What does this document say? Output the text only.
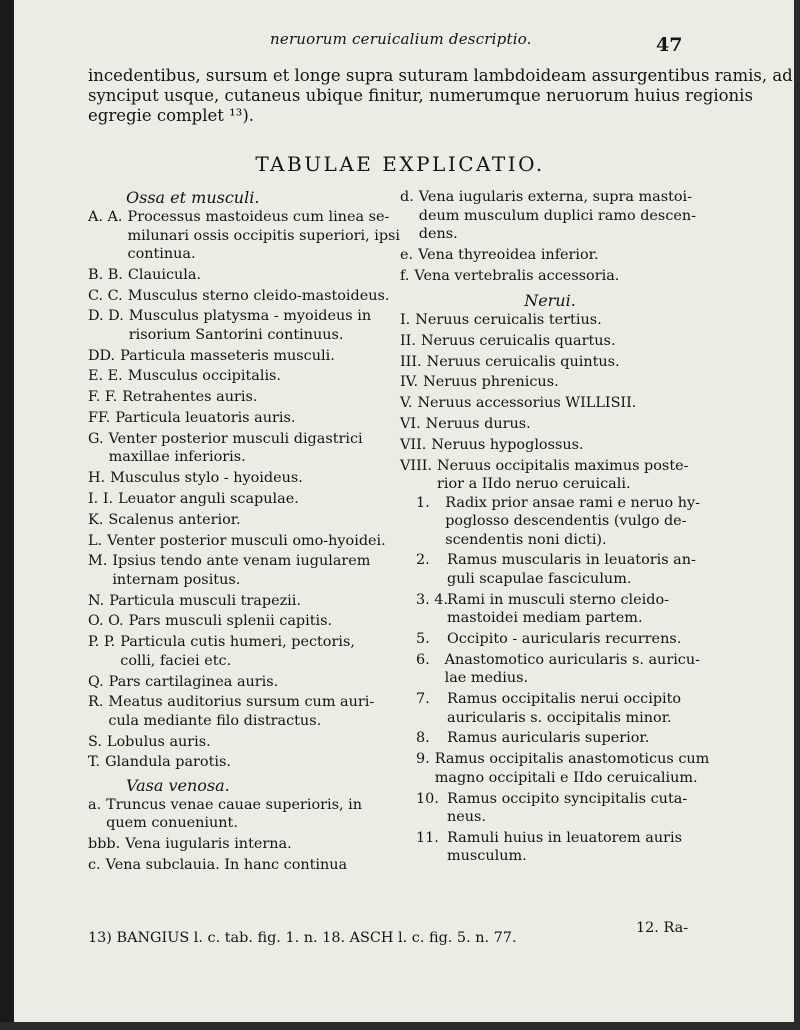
neruorum ceruicalium descriptio.	47
incedentibus, sursum et longe supra suturam lambdoideam assurgentibus ramis, ad
synciput usque, cutaneus ubique finitur, numerumque neruorum huius regionis
egregie complet ¹³).
TABULAE EXPLICATIO.
Ossa et musculi.
A. A. Processus mastoideus cum linea se-
milunari ossis occipitis superiori, ipsi
continua.
B. B. Clauicula.
C. C. Musculus sterno cleido-mastoideus.
D. D. Musculus platysma - myoideus in
risorium Santorini continuus.
DD. Particula masseteris musculi.
E. E. Musculus occipitalis.
F. F. Retrahentes auris.
FF. Particula leuatoris auris.
G. Venter posterior musculi digastrici
maxillae inferioris.
H. Musculus stylo - hyoideus.
I. I. Leuator anguli scapulae.
K. Scalenus anterior.
L. Venter posterior musculi omo-hyoidei.
M. Ipsius tendo ante venam iugularem
internam positus.
N. Particula musculi trapezii.
O. O. Pars musculi splenii capitis.
P. P. Particula cutis humeri, pectoris,
colli, faciei etc.
Q. Pars cartilaginea auris.
R. Meatus auditorius sursum cum auri-
cula mediante filo distractus.
S. Lobulus auris.
T. Glandula parotis.
Vasa venosa.
a. Truncus venae cauae superioris, in
quem conueniunt.
bbb. Vena iugularis interna.
c. Vena subclauia. In hanc continua
d. Vena iugularis externa, supra mastoi-
deum musculum duplici ramo descen-
dens.
e. Vena thyreoidea inferior.
f. Vena vertebralis accessoria.
Nerui.
I. Neruus ceruicalis tertius.
II. Neruus ceruicalis quartus.
III. Neruus ceruicalis quintus.
IV. Neruus phrenicus.
V. Neruus accessorius WILLISII.
VI. Neruus durus.
VII. Neruus hypoglossus.
VIII. Neruus occipitalis maximus poste-
rior a IIdo neruo ceruicali.
1.	Radix prior ansae rami e neruo hy-
poglosso descendentis (vulgo de-
scendentis noni dicti).
2.	Ramus muscularis in leuatoris an-
guli scapulae fasciculum.
3. 4.
Rami in musculi sterno cleido-
mastoidei mediam partem.
5.	Occipito - auricularis recurrens.
6.	Anastomotico auricularis s. auricu-
lae medius.
7.	Ramus occipitalis nerui occipito
auricularis s. occipitalis minor.
8.	Ramus auricularis superior.
9. Ramus occipitalis anastomoticus cum
magno occipitali e IIdo ceruicalium.
10. Ramus occipito syncipitalis cuta-
neus.
11. Ramuli huius in leuatorem auris
musculum.
13) BANGIUS l. c. tab. fig. 1. n. 18. ASCH l. c. fig. 5. n. 77.
12. Ra-
